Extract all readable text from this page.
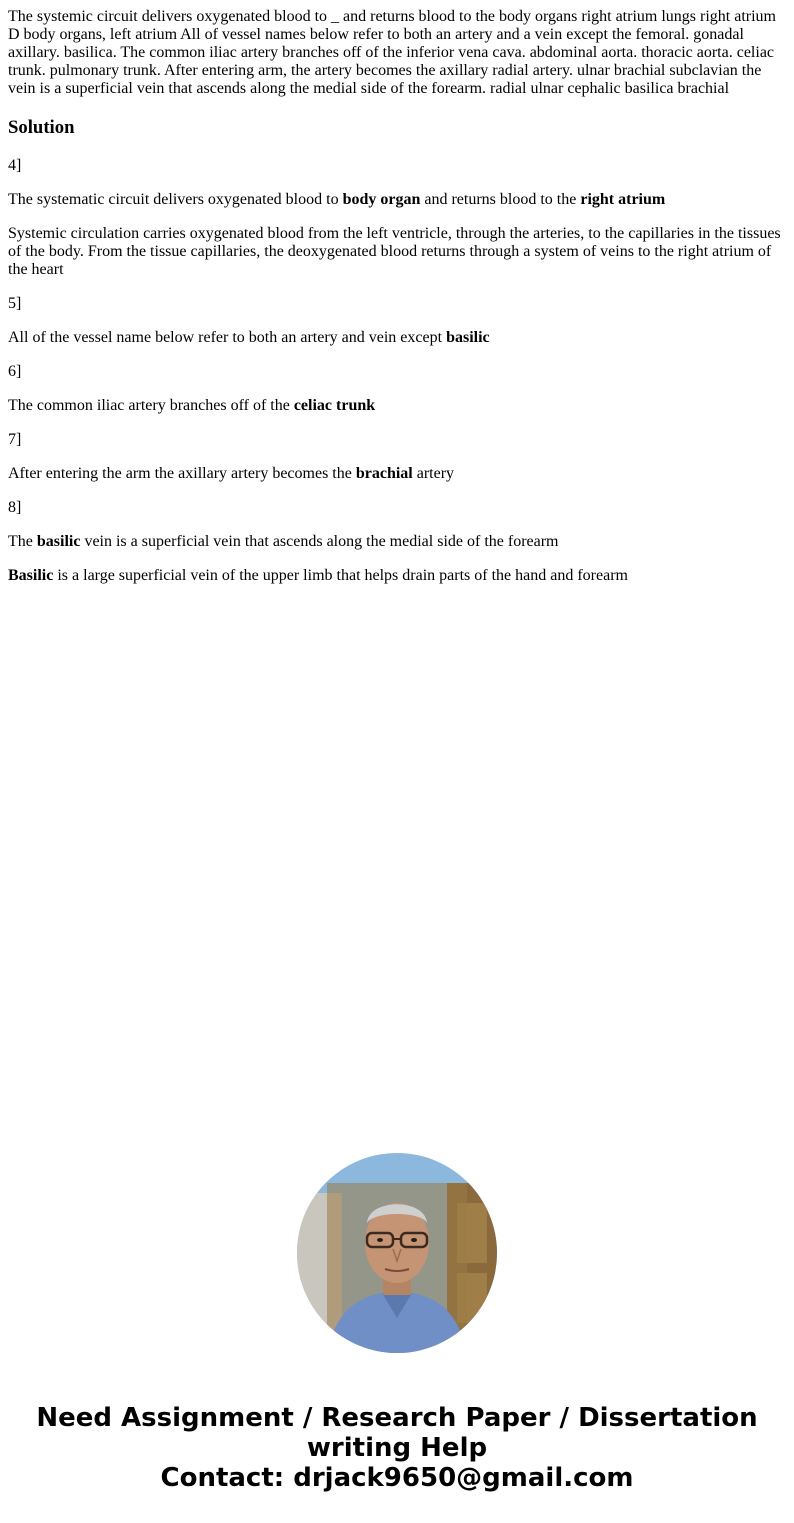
The systemic circuit delivers oxygenated blood to _ and returns blood to the body organs right atrium lungs right atrium D body organs, left atrium All of vessel names below refer to both an artery and a vein except the femoral. gonadal axillary. basilica. The common iliac artery branches off of the inferior vena cava. abdominal aorta. thoracic aorta. celiac trunk. pulmonary trunk. After entering arm, the artery becomes the axillary radial artery. ulnar brachial subclavian the vein is a superficial vein that ascends along the medial side of the forearm. radial ulnar cephalic basilica brachial

Solution

4]

The systematic circuit delivers oxygenated blood to body organ and returns blood to the right atrium

Systemic circulation carries oxygenated blood from the left ventricle, through the arteries, to the capillaries in the tissues of the body. From the tissue capillaries, the deoxygenated blood returns through a system of veins to the right atrium of the heart

5]

All of the vessel name below refer to both an artery and vein except basilic

6]

The common iliac artery branches off of the celiac trunk

7]

After entering the arm the axillary artery becomes the brachial artery

8]

The basilic vein is a superficial vein that ascends along the medial side of the forearm

Basilic is a large superficial vein of the upper limb that helps drain parts of the hand and forearm

Need Assignment / Research Paper / Dissertation
writing Help
Contact: drjack9650@gmail.com
